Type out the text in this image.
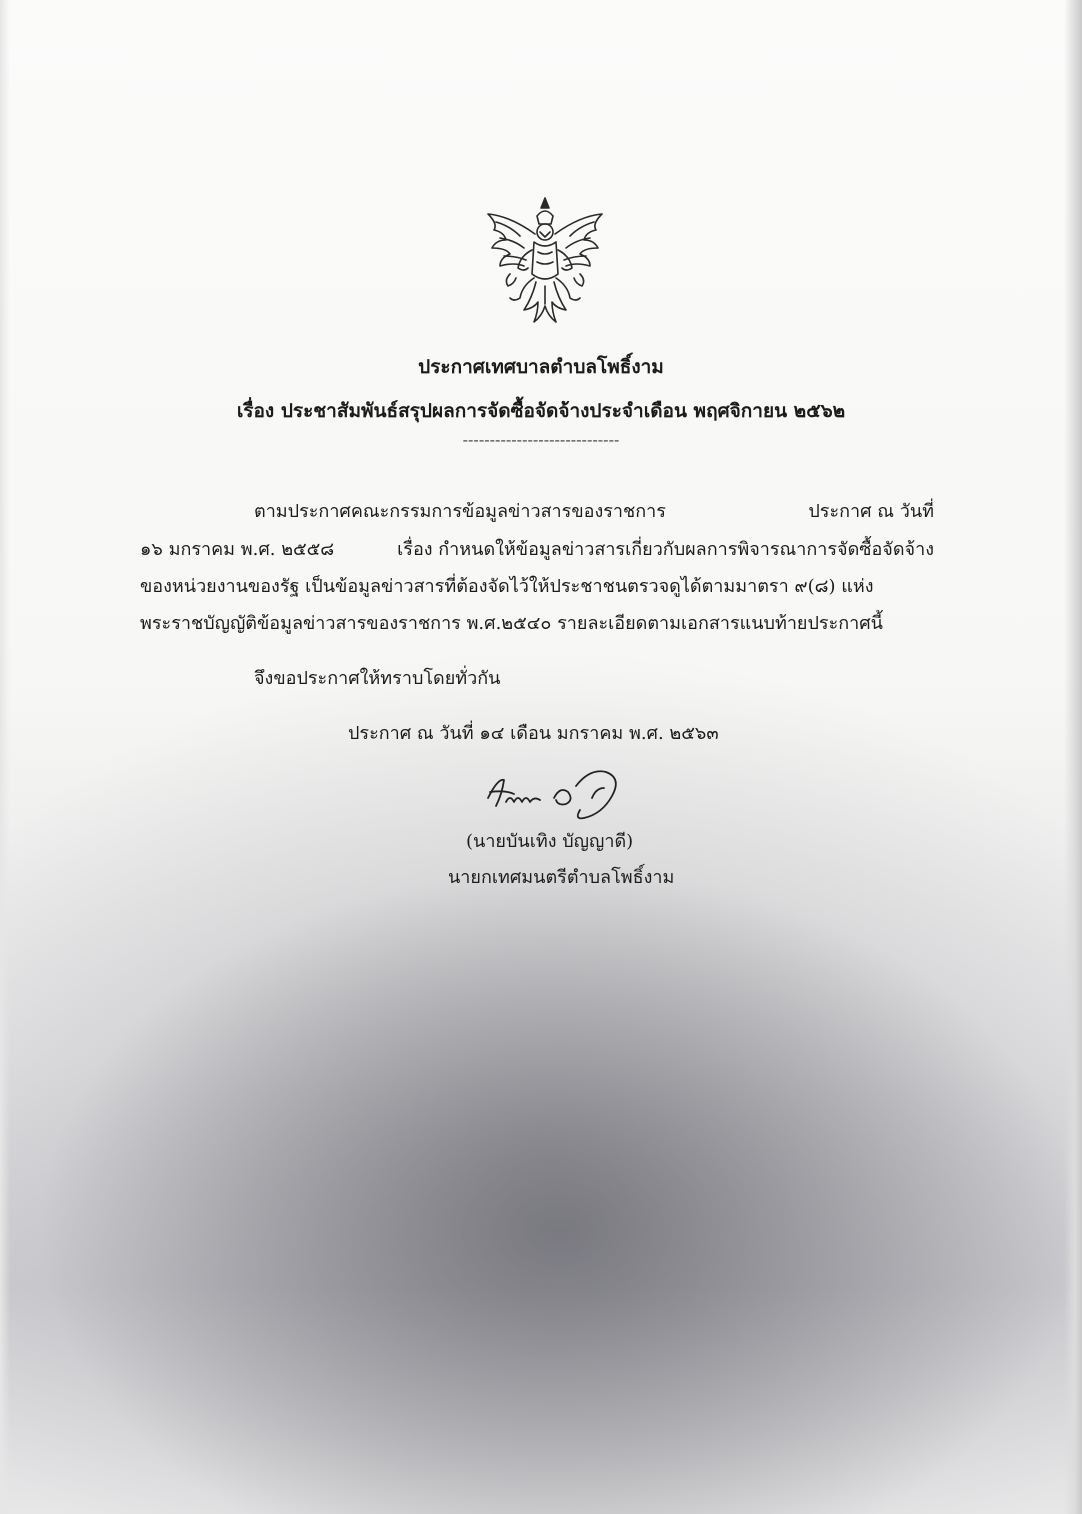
ประกาศเทศบาลตำบลโพธิ์งาม
เรื่อง ประชาสัมพันธ์สรุปผลการจัดซื้อจัดจ้างประจำเดือน พฤศจิกายน ๒๕๖๒
-----------------------------
ตามประกาศคณะกรรมการข้อมูลข่าวสารของราชการ	ประกาศ ณ วันที่
๑๖ มกราคม พ.ศ. ๒๕๕๘	เรื่อง กำหนดให้ข้อมูลข่าวสารเกี่ยวกับผลการพิจารณาการจัดซื้อจัดจ้าง
ของหน่วยงานของรัฐ เป็นข้อมูลข่าวสารที่ต้องจัดไว้ให้ประชาชนตรวจดูได้ตามมาตรา ๙(๘) แห่ง
พระราชบัญญัติข้อมูลข่าวสารของราชการ พ.ศ.๒๕๔๐ รายละเอียดตามเอกสารแนบท้ายประกาศนี้
จึงขอประกาศให้ทราบโดยทั่วกัน
ประกาศ ณ วันที่ ๑๔ เดือน มกราคม พ.ศ. ๒๕๖๓
(นายบันเทิง บัญญาดี)
นายกเทศมนตรีตำบลโพธิ์งาม
